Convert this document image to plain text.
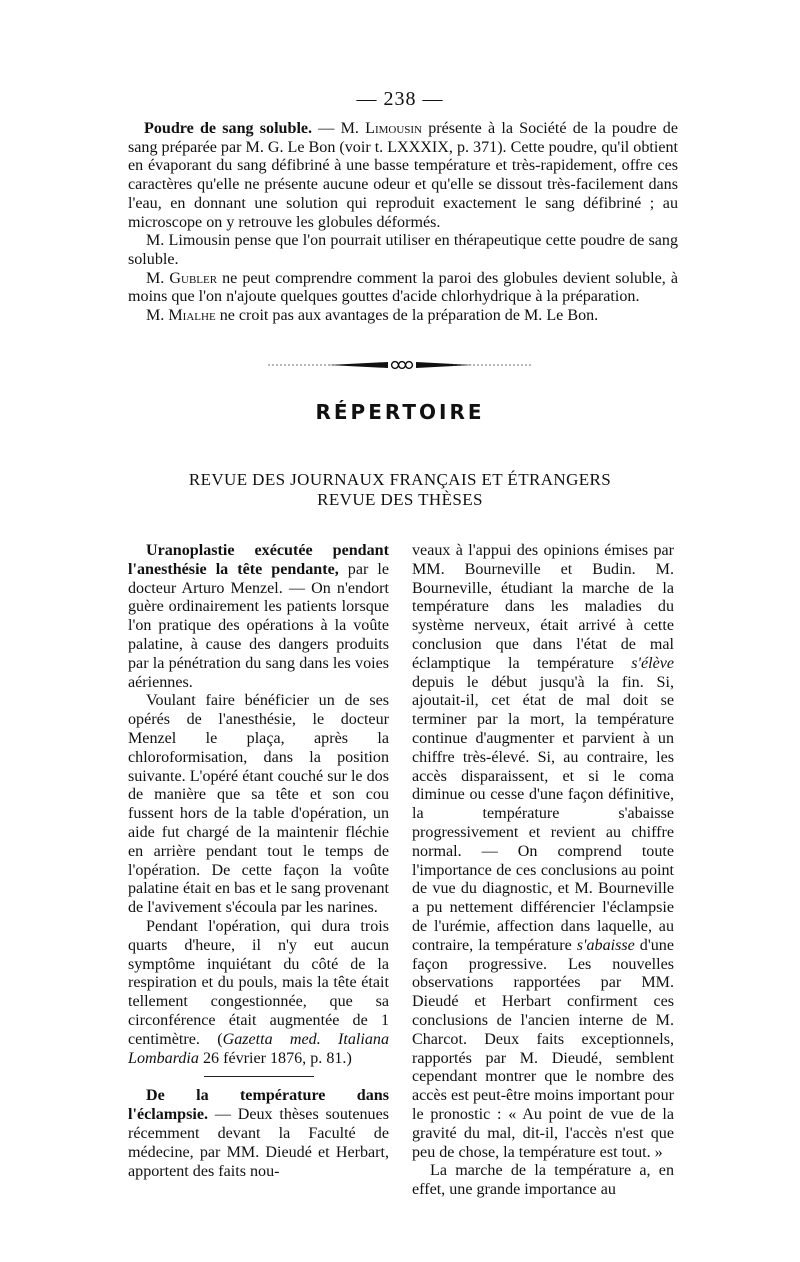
— 238 —

Poudre de sang soluble. — M. Limousin présente à la Société de la poudre de sang préparée par M. G. Le Bon (voir t. LXXXIX, p. 371). Cette poudre, qu'il obtient en évaporant du sang défibriné à une basse température et très-rapidement, offre ces caractères qu'elle ne présente aucune odeur et qu'elle se dissout très-facilement dans l'eau, en donnant une solution qui reproduit exactement le sang défibriné ; au microscope on y retrouve les globules déformés.

M. Limousin pense que l'on pourrait utiliser en thérapeutique cette poudre de sang soluble.

M. Gubler ne peut comprendre comment la paroi des globules devient soluble, à moins que l'on n'ajoute quelques gouttes d'acide chlorhydrique à la préparation.

M. Mialhe ne croit pas aux avantages de la préparation de M. Le Bon.

RÉPERTOIRE
REVUE DES JOURNAUX FRANÇAIS ET ÉTRANGERS
REVUE DES THÈSES

Uranoplastie exécutée pendant l'anesthésie la tête pendante, par le docteur Arturo Menzel. — On n'endort guère ordinairement les patients lorsque l'on pratique des opérations à la voûte palatine, à cause des dangers produits par la pénétration du sang dans les voies aériennes.

Voulant faire bénéficier un de ses opérés de l'anesthésie, le docteur Menzel le plaça, après la chloroformisation, dans la position suivante. L'opéré étant couché sur le dos de manière que sa tête et son cou fussent hors de la table d'opération, un aide fut chargé de la maintenir fléchie en arrière pendant tout le temps de l'opération. De cette façon la voûte palatine était en bas et le sang provenant de l'avivement s'écoula par les narines.

Pendant l'opération, qui dura trois quarts d'heure, il n'y eut aucun symptôme inquiétant du côté de la respiration et du pouls, mais la tête était tellement congestionnée, que sa circonférence était augmentée de 1 centimètre. (Gazetta med. Italiana Lombardia 26 février 1876, p. 81.)

De la température dans l'éclampsie. — Deux thèses soutenues récemment devant la Faculté de médecine, par MM. Dieudé et Herbart, apportent des faits nou-

veaux à l'appui des opinions émises par MM. Bourneville et Budin. M. Bourneville, étudiant la marche de la température dans les maladies du système nerveux, était arrivé à cette conclusion que dans l'état de mal éclamptique la température s'élève depuis le début jusqu'à la fin. Si, ajoutait-il, cet état de mal doit se terminer par la mort, la température continue d'augmenter et parvient à un chiffre très-élevé. Si, au contraire, les accès disparaissent, et si le coma diminue ou cesse d'une façon définitive, la température s'abaisse progressivement et revient au chiffre normal. — On comprend toute l'importance de ces conclusions au point de vue du diagnostic, et M. Bourneville a pu nettement différencier l'éclampsie de l'urémie, affection dans laquelle, au contraire, la température s'abaisse d'une façon progressive. Les nouvelles observations rapportées par MM. Dieudé et Herbart confirment ces conclusions de l'ancien interne de M. Charcot. Deux faits exceptionnels, rapportés par M. Dieudé, semblent cependant montrer que le nombre des accès est peut-être moins important pour le pronostic : « Au point de vue de la gravité du mal, dit-il, l'accès n'est que peu de chose, la température est tout. »

La marche de la température a, en effet, une grande importance au
